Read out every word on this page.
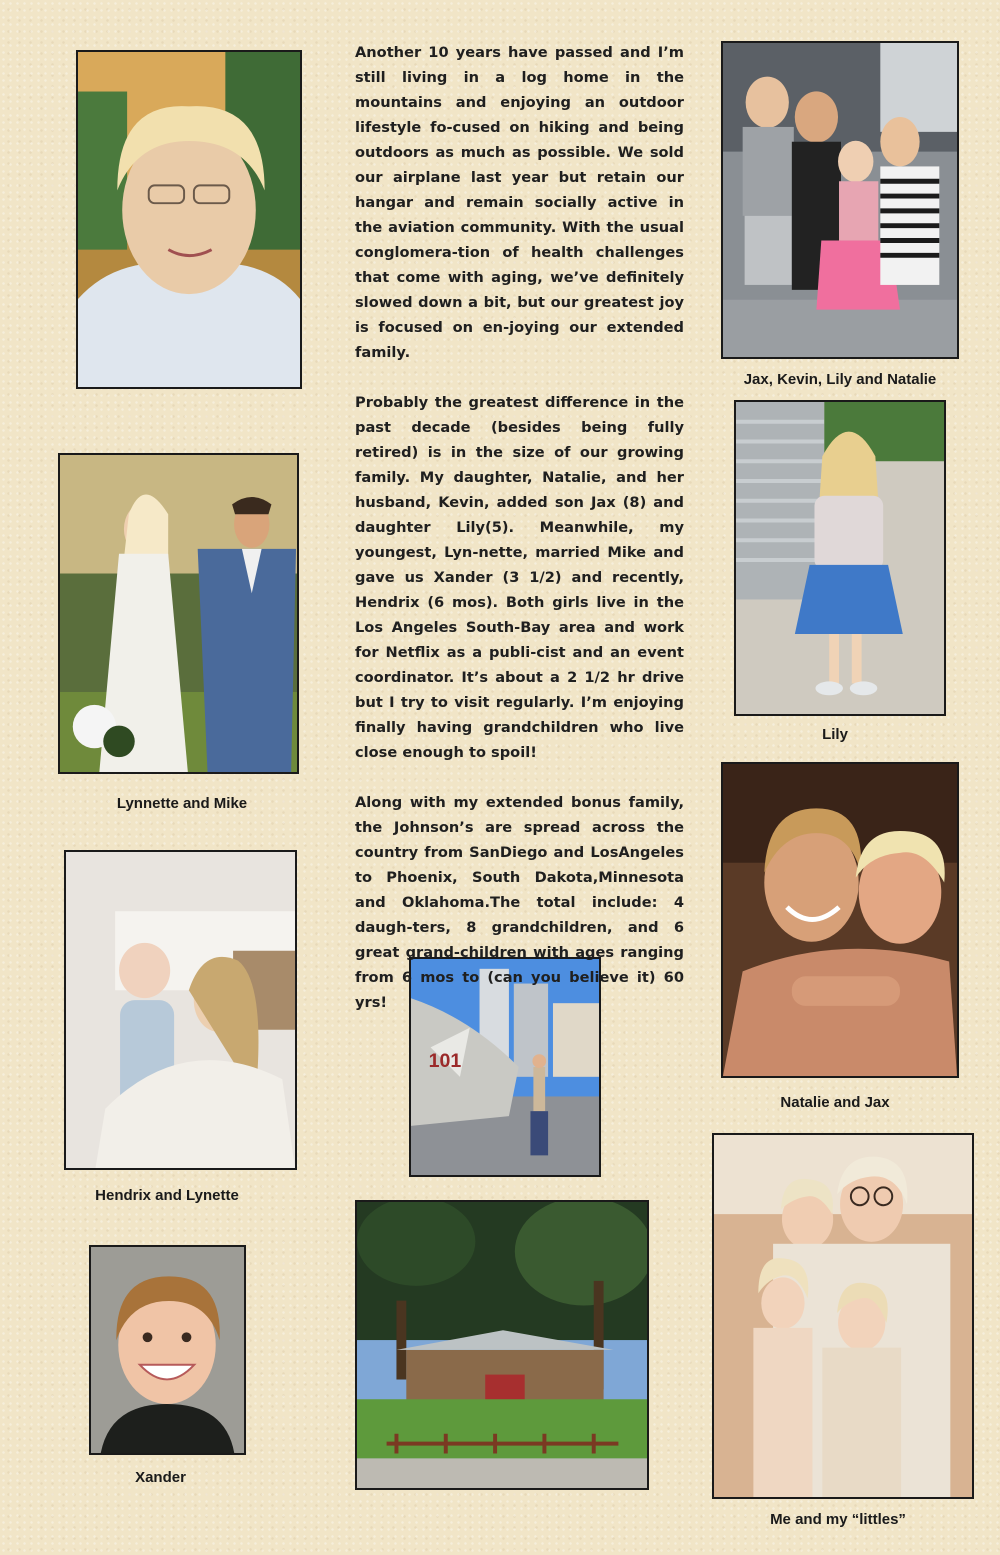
Jax, Kevin, Lily and Natalie
Lynnette and Mike
Lily
Natalie and Jax
Hendrix and Lynette
Xander
101
Me and my “littles”

Another 10 years have passed and I’m still living in a log home in the mountains and enjoying an outdoor lifestyle fo-cused on hiking and being outdoors as much as possible. We sold our airplane last year but retain our hangar and remain socially active in the aviation community. With the usual conglomera-tion of health challenges that come with aging, we’ve definitely slowed down a bit, but our greatest joy is focused on en-joying our extended family.

Probably the greatest difference in the past decade (besides being fully retired) is in the size of our growing family. My daughter, Natalie, and her husband, Kevin, added son Jax (8) and daughter Lily(5). Meanwhile, my youngest, Lyn-nette, married Mike and gave us Xander (3 1/2) and recently, Hendrix (6 mos). Both girls live in the Los Angeles South-Bay area and work for Netflix as a publi-cist and an event coordinator. It’s about a 2 1/2 hr drive but I try to visit regularly. I’m enjoying finally having grandchildren who live close enough to spoil!

Along with my extended bonus family, the Johnson’s are spread across the country from SanDiego and LosAngeles to Phoenix, South Dakota,Minnesota and Oklahoma.The total include: 4 daugh-ters, 8 grandchildren, and 6 great grand-children with ages ranging from 6 mos to (can you believe it) 60 yrs!
